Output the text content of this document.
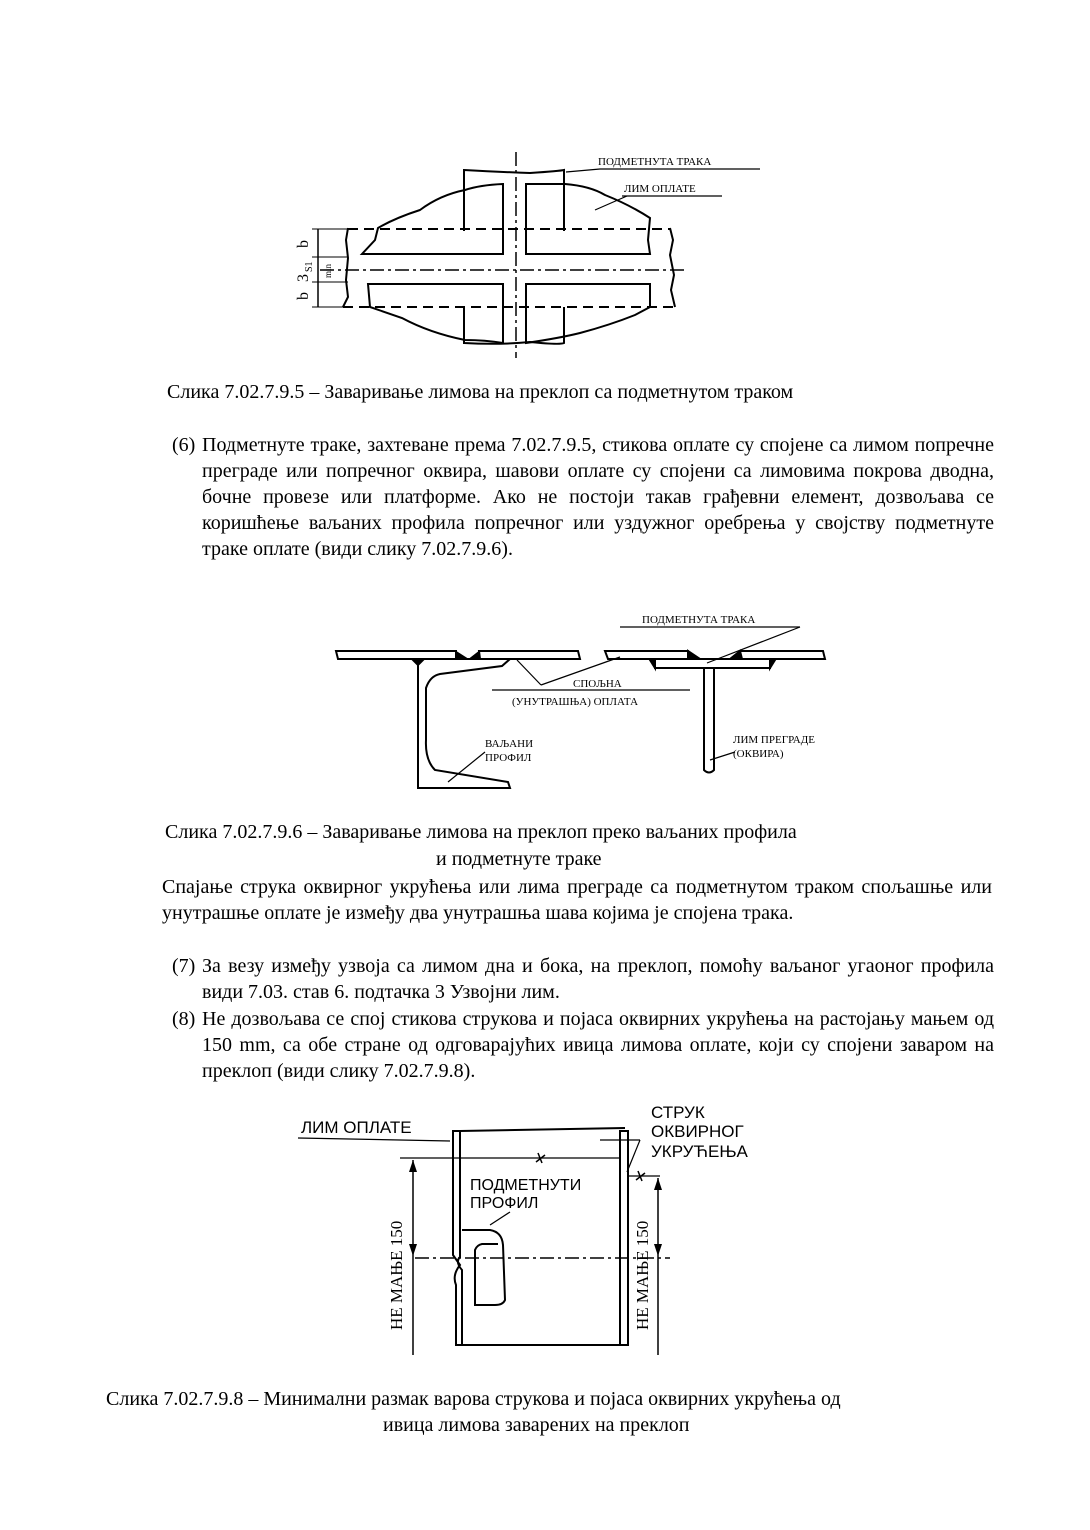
ПОДМЕТНУТА ТРАКА
ЛИМ ОПЛАТЕ
b
3
S1 min
b
Слика 7.02.7.9.5 – Заваривање лимова на преклоп са подметнутом траком
(6) Подметнуте траке, захтеване према 7.02.7.9.5, стикова оплате су спојене са лимом попречне преграде или попречног оквира, шавови оплате су спојени са лимовима покрова дводна, бочне провезе или платформе. Ако не постоји такав грађевни елемент, дозвољава се коришћење ваљаних профила попречног или уздужног оребрења у својству подметнуте траке оплате (види слику 7.02.7.9.6).
ПОДМЕТНУТА ТРАКА
СПОЉНА
(УНУТРАШЊА) ОПЛАТА
ВАЉАНИ
ПРОФИЛ
ЛИМ ПРЕГРАДЕ
(ОКВИРА)
Слика 7.02.7.9.6 – Заваривање лимова на преклоп преко ваљаних профила
и подметнуте траке
Спајање струка оквирног укрућења или лима преграде са подметнутом траком спољашње или унутрашње оплате је између два унутрашња шава којима је спојена трака.
(7) За везу између узвоја са лимом дна и бока, на преклоп, помоћу ваљаног угаоног профила види 7.03. став 6. подтачка 3 Узвојни лим.
(8) Не дозвољава се спој стикова струкова и појаса оквирних укрућења на растојању мањем од 150 mm, са обе стране од одговарајућих ивица лимова оплате, који су спојени заваром на преклоп (види слику 7.02.7.9.8).
ЛИМ ОПЛАТЕ
СТРУК
ОКВИРНОГ
УКРУЋЕЊА
ПОДМЕТНУТИ
ПРОФИЛ
НЕ МАЊЕ 150	НЕ МАЊЕ 150
Слика 7.02.7.9.8 – Минимални размак варова струкова и појаса оквирних укрућења од
ивица лимова заварених на преклоп
